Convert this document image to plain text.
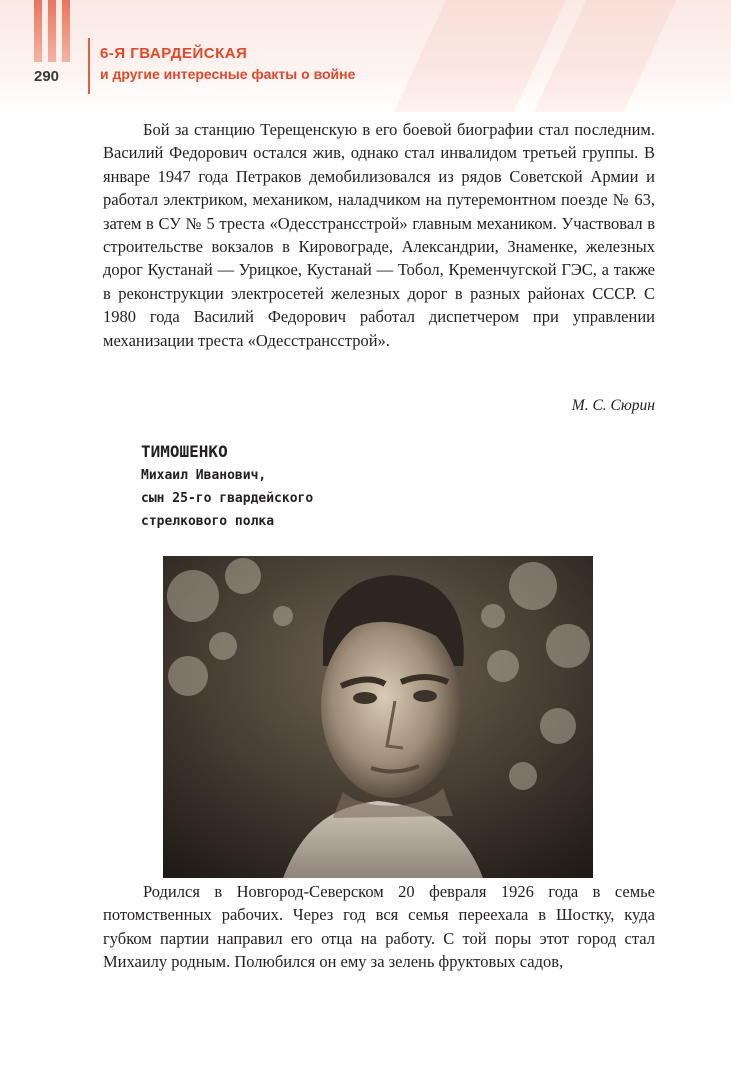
290
6-Я ГВАРДЕЙСКАЯ
и другие интересные факты о войне

Бой за станцию Терещенскую в его боевой биографии стал последним. Василий Федорович остался жив, однако стал инвалидом третьей группы. В январе 1947 года Петраков демобилизовался из рядов Советской Армии и работал электриком, механиком, наладчиком на путеремонтном поезде № 63, затем в СУ № 5 треста «Одесстрансстрой» главным механиком. Участвовал в строительстве вокзалов в Кировограде, Александрии, Знаменке, железных дорог Кустанай — Урицкое, Кустанай — Тобол, Кременчугской ГЭС, а также в реконструкции электросетей железных дорог в разных районах СССР. С 1980 года Василий Федорович работал диспетчером при управлении механизации треста «Одесстрансстрой».

М. С. Сюрин
ТИМОШЕНКО
Михаил Иванович,
сын 25-го гвардейского
стрелкового полка

Родился в Новгород-Северском 20 февраля 1926 года в семье потомственных рабочих. Через год вся семья переехала в Шостку, куда губком партии направил его отца на работу. С той поры этот город стал Михаилу родным. Полюбился он ему за зелень фруктовых садов,
